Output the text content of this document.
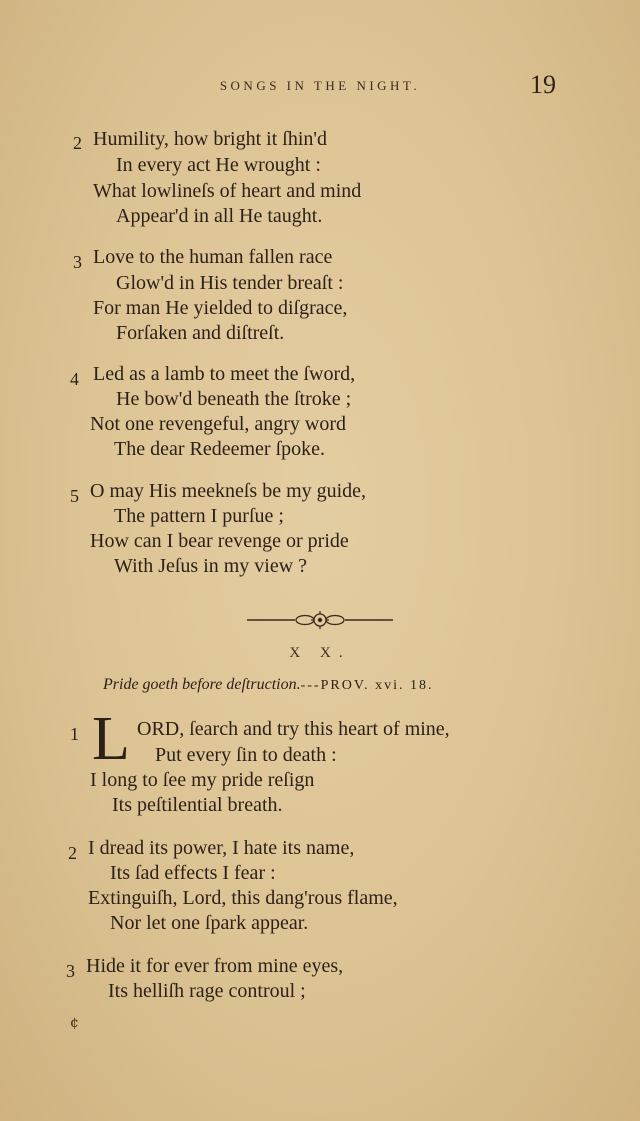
SONGS IN THE NIGHT.	19
2 Humility, how bright it ſhin'd
In every act He wrought :
What lowlineſs of heart and mind
Appear'd in all He taught.
3 Love to the human fallen race
Glow'd in His tender breaſt :
For man He yielded to diſgrace,
Forſaken and diſtreſt.
4 Led as a lamb to meet the ſword,
He bow'd beneath the ſtroke ;
Not one revengeful, angry word
The dear Redeemer ſpoke.
5 O may His meekneſs be my guide,
The pattern I purſue ;
How can I bear revenge or pride
With Jeſus in my view ?
X X.
Pride goeth before deſtruction.---PROV. xvi. 18.
1 L ORD, ſearch and try this heart of mine,
Put every ſin to death :
I long to ſee my pride reſign
Its peſtilential breath.
2 I dread its power, I hate its name,
Its ſad effects I fear :
Extinguiſh, Lord, this dang'rous flame,
Nor let one ſpark appear.
3 Hide it for ever from mine eyes,
Its helliſh rage controul ;
¢
